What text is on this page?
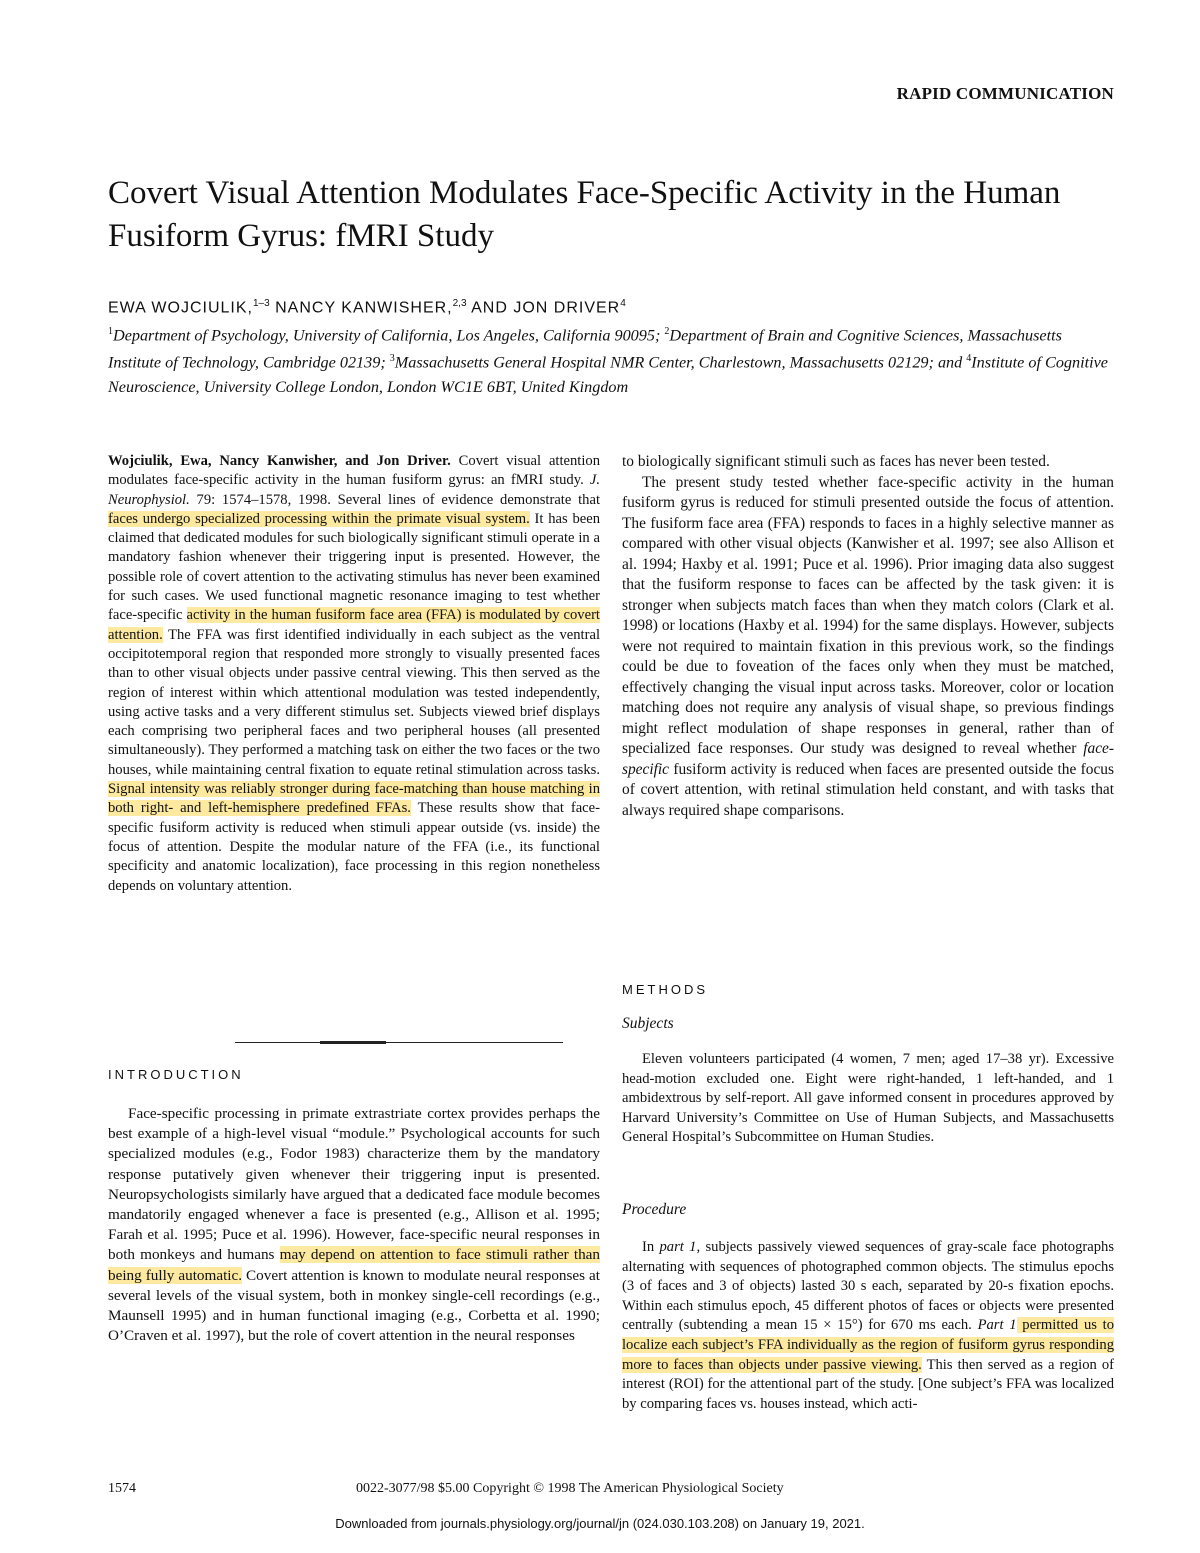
RAPID COMMUNICATION
Covert Visual Attention Modulates Face-Specific Activity in the Human Fusiform Gyrus: fMRI Study
EWA WOJCIULIK,$^{1-3}$ NANCY KANWISHER,$^{2,3}$ AND JON DRIVER$^4$
$^1$Department of Psychology, University of California, Los Angeles, California 90095; $^2$Department of Brain and Cognitive Sciences, Massachusetts Institute of Technology, Cambridge 02139; $^3$Massachusetts General Hospital NMR Center, Charlestown, Massachusetts 02129; and $^4$Institute of Cognitive Neuroscience, University College London, London WC1E 6BT, United Kingdom

Wojciulik, Ewa, Nancy Kanwisher, and Jon Driver. Covert visual attention modulates face-specific activity in the human fusiform gyrus: an fMRI study. J. Neurophysiol. 79: 1574–1578, 1998. Several lines of evidence demonstrate that faces undergo specialized processing within the primate visual system. It has been claimed that dedicated modules for such biologically significant stimuli operate in a mandatory fashion whenever their triggering input is presented. However, the possible role of covert attention to the activating stimulus has never been examined for such cases. We used functional magnetic resonance imaging to test whether face-specific activity in the human fusiform face area (FFA) is modulated by covert attention. The FFA was first identified individually in each subject as the ventral occipitotemporal region that responded more strongly to visually presented faces than to other visual objects under passive central viewing. This then served as the region of interest within which attentional modulation was tested independently, using active tasks and a very different stimulus set. Subjects viewed brief displays each comprising two peripheral faces and two peripheral houses (all presented simultaneously). They performed a matching task on either the two faces or the two houses, while maintaining central fixation to equate retinal stimulation across tasks. Signal intensity was reliably stronger during face-matching than house matching in both right- and left-hemisphere predefined FFAs. These results show that face-specific fusiform activity is reduced when stimuli appear outside (vs. inside) the focus of attention. Despite the modular nature of the FFA (i.e., its functional specificity and anatomic localization), face processing in this region nonetheless depends on voluntary attention.

INTRODUCTION

Face-specific processing in primate extrastriate cortex provides perhaps the best example of a high-level visual “module.” Psychological accounts for such specialized modules (e.g., Fodor 1983) characterize them by the mandatory response putatively given whenever their triggering input is presented. Neuropsychologists similarly have argued that a dedicated face module becomes mandatorily engaged whenever a face is presented (e.g., Allison et al. 1995; Farah et al. 1995; Puce et al. 1996). However, face-specific neural responses in both monkeys and humans may depend on attention to face stimuli rather than being fully automatic. Covert attention is known to modulate neural responses at several levels of the visual system, both in monkey single-cell recordings (e.g., Maunsell 1995) and in human functional imaging (e.g., Corbetta et al. 1990; O’Craven et al. 1997), but the role of covert attention in the neural responses

to biologically significant stimuli such as faces has never been tested.

The present study tested whether face-specific activity in the human fusiform gyrus is reduced for stimuli presented outside the focus of attention. The fusiform face area (FFA) responds to faces in a highly selective manner as compared with other visual objects (Kanwisher et al. 1997; see also Allison et al. 1994; Haxby et al. 1991; Puce et al. 1996). Prior imaging data also suggest that the fusiform response to faces can be affected by the task given: it is stronger when subjects match faces than when they match colors (Clark et al. 1998) or locations (Haxby et al. 1994) for the same displays. However, subjects were not required to maintain fixation in this previous work, so the findings could be due to foveation of the faces only when they must be matched, effectively changing the visual input across tasks. Moreover, color or location matching does not require any analysis of visual shape, so previous findings might reflect modulation of shape responses in general, rather than of specialized face responses. Our study was designed to reveal whether face-specific fusiform activity is reduced when faces are presented outside the focus of covert attention, with retinal stimulation held constant, and with tasks that always required shape comparisons.

METHODS
Subjects

Eleven volunteers participated (4 women, 7 men; aged 17–38 yr). Excessive head-motion excluded one. Eight were right-handed, 1 left-handed, and 1 ambidextrous by self-report. All gave informed consent in procedures approved by Harvard University’s Committee on Use of Human Subjects, and Massachusetts General Hospital’s Subcommittee on Human Studies.

Procedure

In part 1, subjects passively viewed sequences of gray-scale face photographs alternating with sequences of photographed common objects. The stimulus epochs (3 of faces and 3 of objects) lasted 30 s each, separated by 20-s fixation epochs. Within each stimulus epoch, 45 different photos of faces or objects were presented centrally (subtending a mean 15 × 15°) for 670 ms each. Part 1 permitted us to localize each subject’s FFA individually as the region of fusiform gyrus responding more to faces than objects under passive viewing. This then served as a region of interest (ROI) for the attentional part of the study. [One subject’s FFA was localized by comparing faces vs. houses instead, which acti-

1574	0022-3077/98 $5.00 Copyright © 1998 The American Physiological Society
Downloaded from journals.physiology.org/journal/jn (024.030.103.208) on January 19, 2021.
